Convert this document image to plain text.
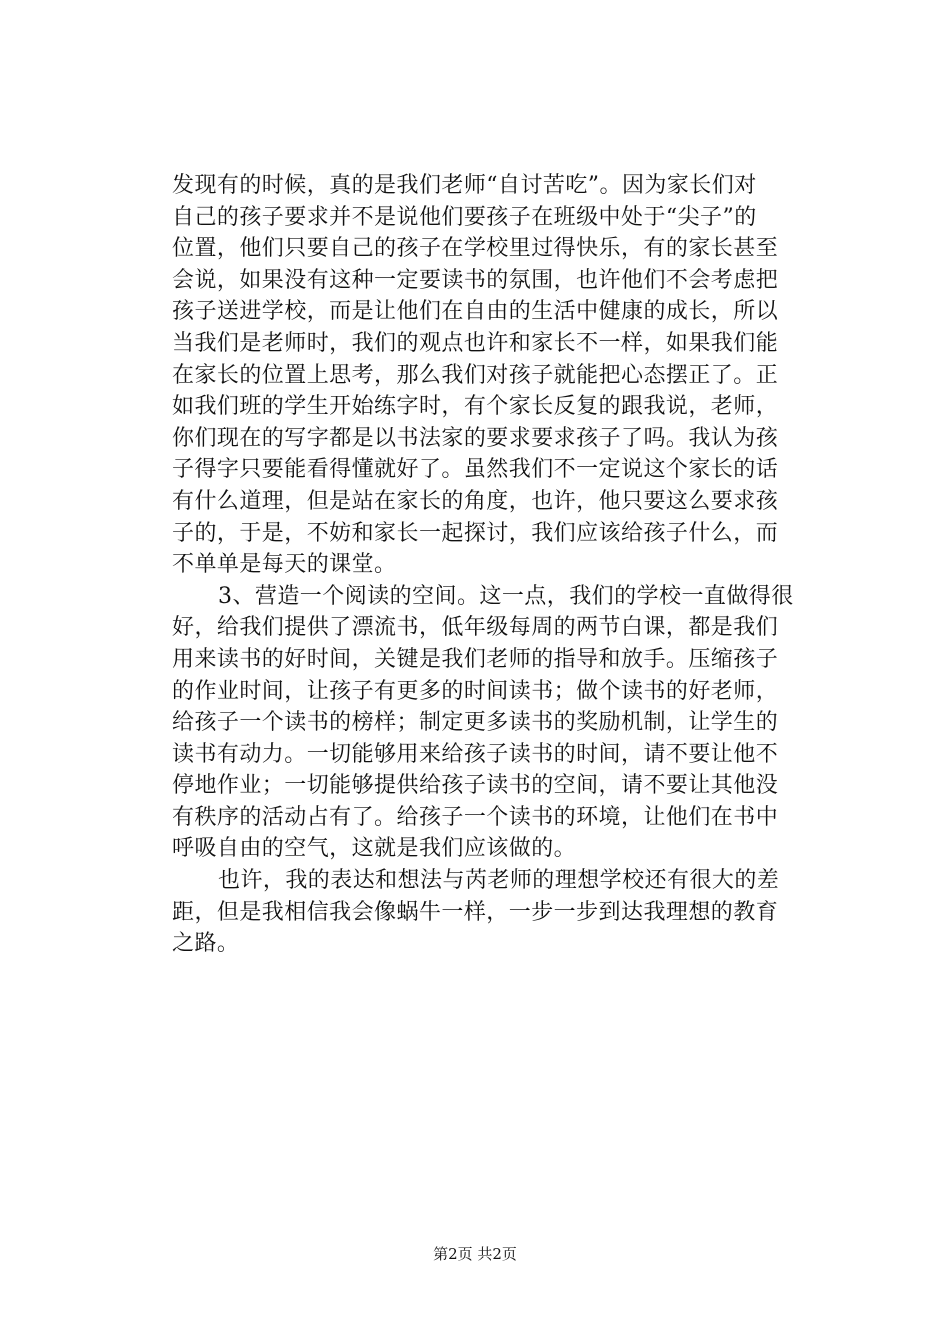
发现有的时候，真的是我们老师“自讨苦吃”。因为家长们对
自己的孩子要求并不是说他们要孩子在班级中处于“尖子”的
位置，他们只要自己的孩子在学校里过得快乐，有的家长甚至
会说，如果没有这种一定要读书的氛围，也许他们不会考虑把
孩子送进学校，而是让他们在自由的生活中健康的成长，所以
当我们是老师时，我们的观点也许和家长不一样，如果我们能
在家长的位置上思考，那么我们对孩子就能把心态摆正了。正
如我们班的学生开始练字时，有个家长反复的跟我说，老师，
你们现在的写字都是以书法家的要求要求孩子了吗。我认为孩
子得字只要能看得懂就好了。虽然我们不一定说这个家长的话
有什么道理，但是站在家长的角度，也许，他只要这么要求孩
子的，于是，不妨和家长一起探讨，我们应该给孩子什么，而
不单单是每天的课堂。
3、营造一个阅读的空间。这一点，我们的学校一直做得很
好，给我们提供了漂流书，低年级每周的两节白课，都是我们
用来读书的好时间，关键是我们老师的指导和放手。压缩孩子
的作业时间，让孩子有更多的时间读书；做个读书的好老师，
给孩子一个读书的榜样；制定更多读书的奖励机制，让学生的
读书有动力。一切能够用来给孩子读书的时间，请不要让他不
停地作业；一切能够提供给孩子读书的空间，请不要让其他没
有秩序的活动占有了。给孩子一个读书的环境，让他们在书中
呼吸自由的空气，这就是我们应该做的。
也许，我的表达和想法与芮老师的理想学校还有很大的差
距，但是我相信我会像蜗牛一样，一步一步到达我理想的教育
之路。
第2页 共2页
